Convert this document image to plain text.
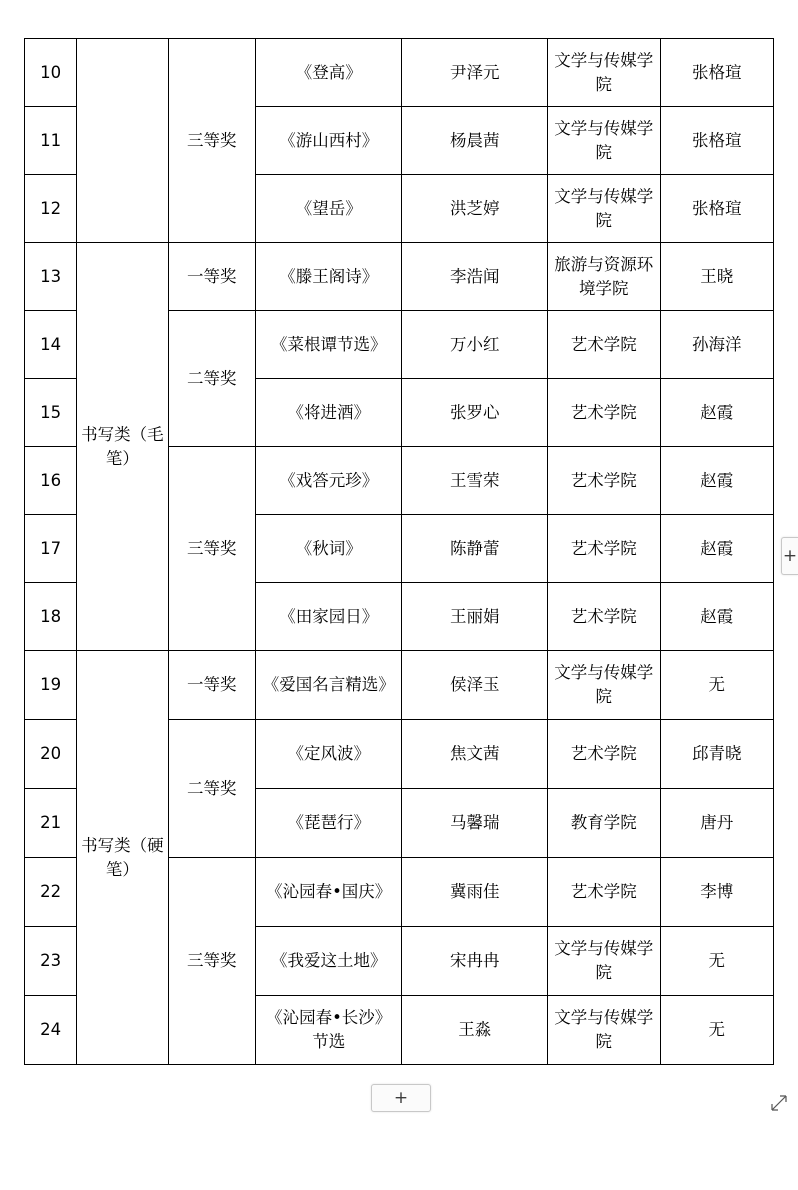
10		三等奖	《登高》	尹泽元	文学与传媒学院	张格瑄
11			《游山西村》	杨晨茜	文学与传媒学院	张格瑄
12			《望岳》	洪芝婷	文学与传媒学院	张格瑄
13	书写类（毛笔）	一等奖	《滕王阁诗》	李浩闻	旅游与资源环境学院	王晓
14		二等奖	《菜根谭节选》	万小红	艺术学院	孙海洋
15			《将进酒》	张罗心	艺术学院	赵霞
16		三等奖	《戏答元珍》	王雪荣	艺术学院	赵霞
17			《秋词》	陈静蕾	艺术学院	赵霞
18			《田家园日》	王丽娟	艺术学院	赵霞
19	书写类（硬笔）	一等奖	《爱国名言精选》	侯泽玉	文学与传媒学院	无
20		二等奖	《定风波》	焦文茜	艺术学院	邱青晓
21			《琵琶行》	马馨瑞	教育学院	唐丹
22		三等奖	《沁园春•国庆》	冀雨佳	艺术学院	李博
23			《我爱这土地》	宋冉冉	文学与传媒学院	无
24			《沁园春•长沙》节选	王淼	文学与传媒学院	无
+
+
